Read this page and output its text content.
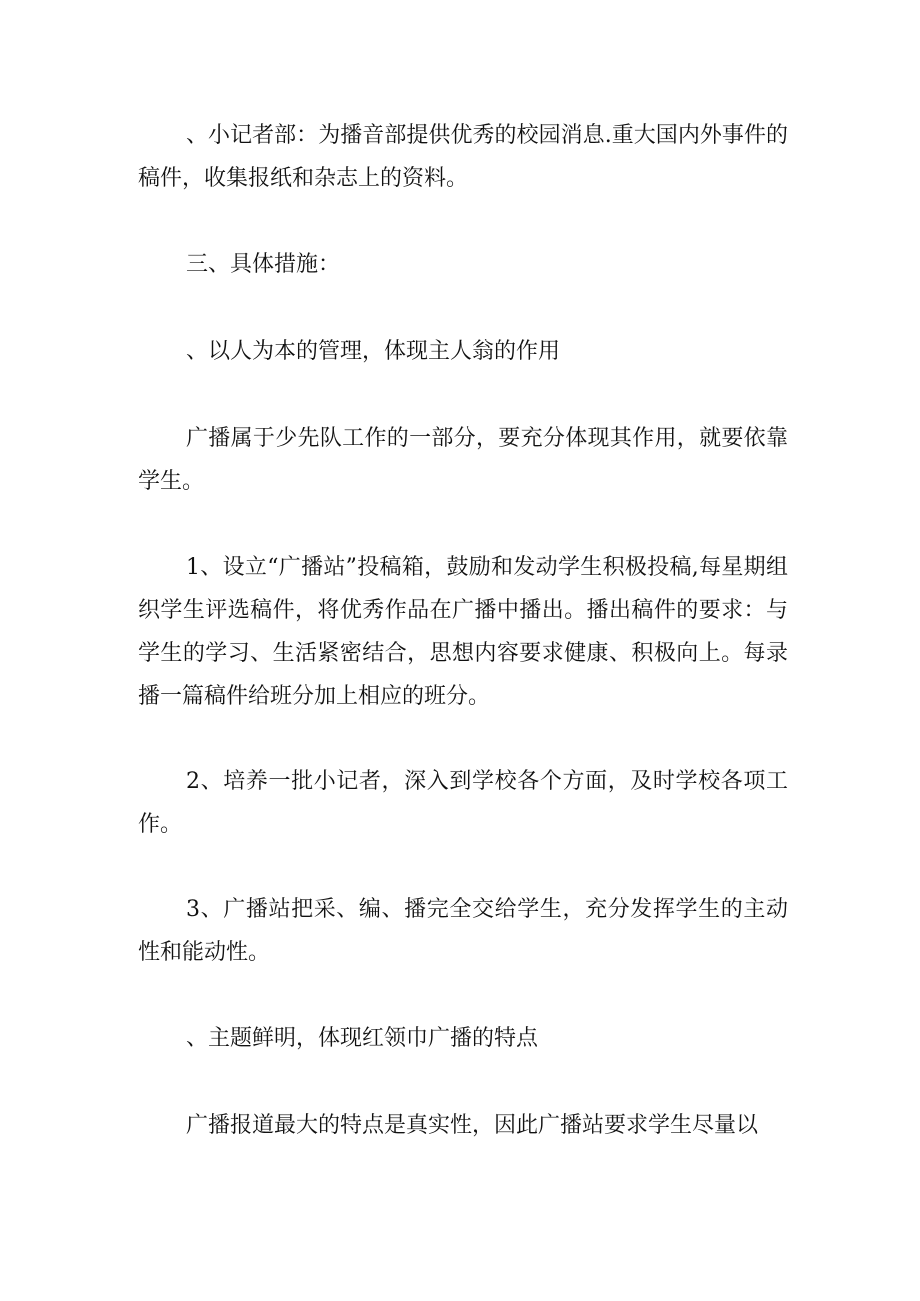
、小记者部：为播音部提供优秀的校园消息.重大国内外事件的稿件，收集报纸和杂志上的资料。

三、具体措施：

、以人为本的管理，体现主人翁的作用

广播属于少先队工作的一部分，要充分体现其作用，就要依靠学生。

1、设立“广播站”投稿箱，鼓励和发动学生积极投稿,每星期组织学生评选稿件，将优秀作品在广播中播出。播出稿件的要求：与学生的学习、生活紧密结合，思想内容要求健康、积极向上。每录播一篇稿件给班分加上相应的班分。

2、培养一批小记者，深入到学校各个方面，及时学校各项工作。

3、广播站把采、编、播完全交给学生，充分发挥学生的主动性和能动性。

、主题鲜明，体现红领巾广播的特点

广播报道最大的特点是真实性，因此广播站要求学生尽量以
